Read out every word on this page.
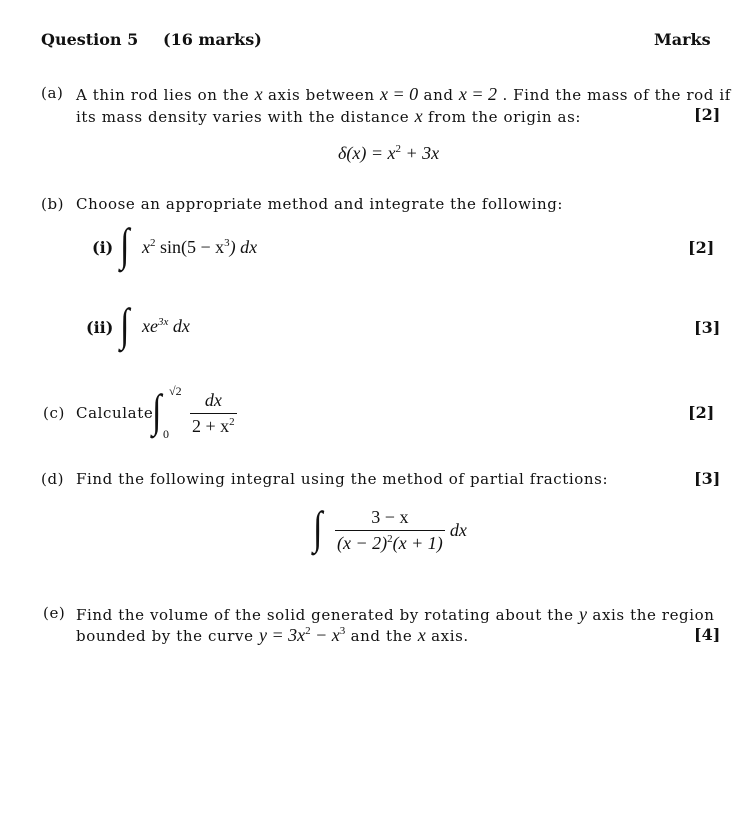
Question 5 (16 marks)	Marks
(a) A thin rod lies on the x axis between x = 0 and x = 2 . Find the mass of the rod if
its mass density varies with the distance x from the origin as:	[2]
$\delta(x) = x^2 + 3x$
(b) Choose an appropriate method and integrate the following:
(i) ∫ $x^2$ $\sin(5 - x^3)$ dx	[2]
(ii) ∫ $xe^{3x}$ dx	[3]
(c) Calculate
∫ √2
$0 \frac{dx}{2 + x^2}$	[2]
(d) Find the following integral using the method of partial fractions:	[3]
∫ $\frac{3 - x}{(x - 2)^2(x + 1)}$ dx
(e) Find the volume of the solid generated by rotating about the y axis the region
bounded by the curve $y = 3x^2 - x^3$ and the x axis.	[4]
